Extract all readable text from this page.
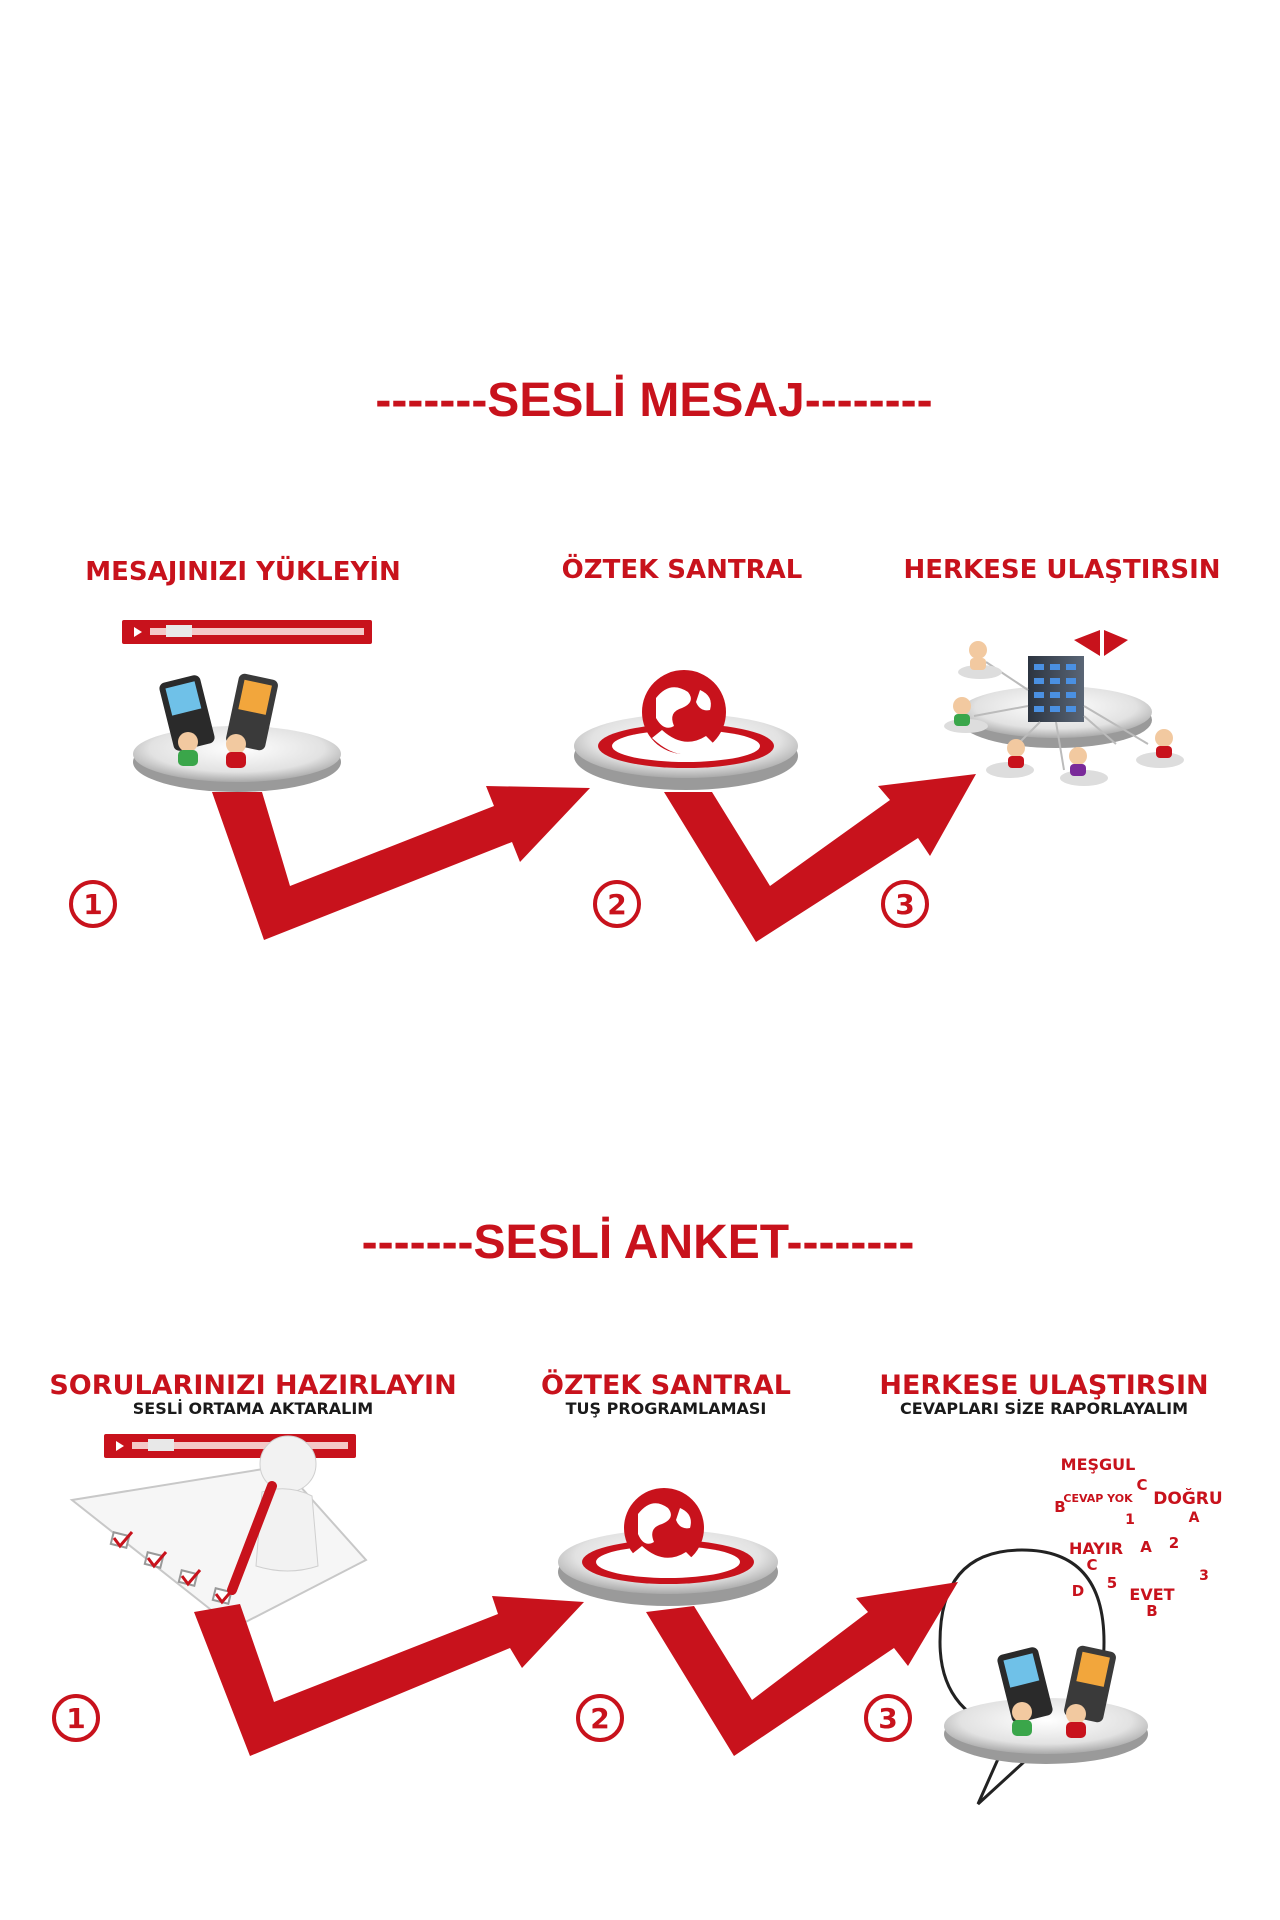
-------SESLİ MESAJ--------
MESAJINIZI YÜKLEYİN	ÖZTEK SANTRAL	HERKESE ULAŞTIRSIN
1	2	3
-------SESLİ ANKET--------
SORULARINIZI HAZIRLAYIN
SESLİ ORTAMA AKTARALIM
ÖZTEK SANTRAL
TUŞ PROGRAMLAMASI
HERKESE ULAŞTIRSIN
CEVAPLARI SİZE RAPORLAYALIM
MEŞGUL
C
CEVAP YOK
B	DOĞRU
1	A
2
HAYIR A
C
3
D 5
EVET
B
1	2	3
